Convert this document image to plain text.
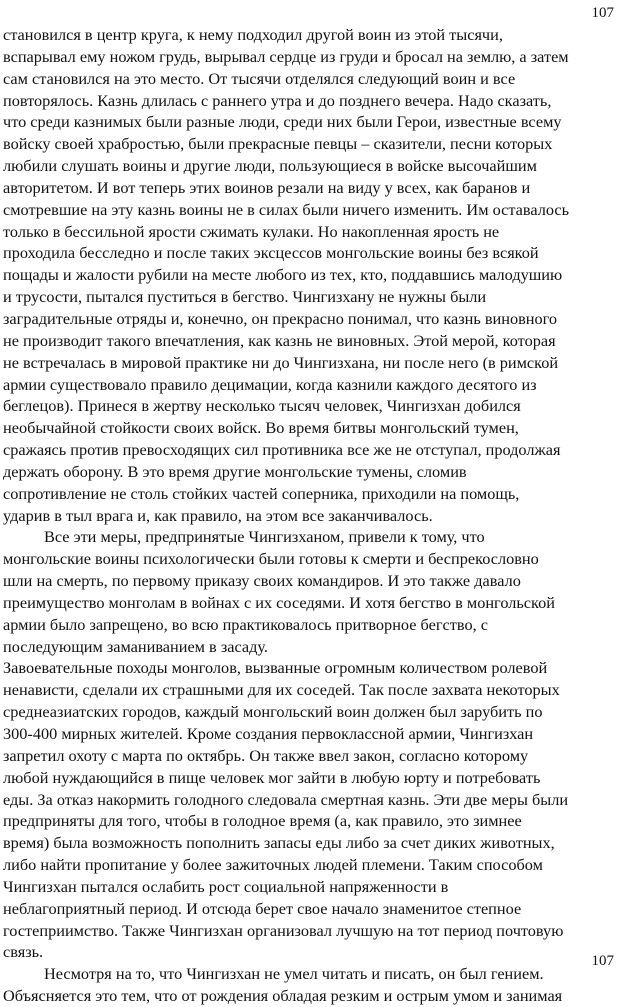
107
становился в центр круга, к нему подходил другой воин из этой тысячи,
вспарывал ему ножом грудь, вырывал сердце из груди и бросал на землю, а затем
сам становился на это место. От тысячи отделялся следующий воин и все
повторялось. Казнь длилась с раннего утра и до позднего вечера. Надо сказать,
что среди казнимых были разные люди, среди них были Герои, известные всему
войску своей храбростью, были прекрасные певцы – сказители, песни которых
любили слушать воины и другие люди, пользующиеся в войске высочайшим
авторитетом. И вот теперь этих воинов резали на виду у всех, как баранов и
смотревшие на эту казнь воины не в силах были ничего изменить. Им оставалось
только в бессильной ярости сжимать кулаки. Но накопленная ярость не
проходила бесследно и после таких эксцессов монгольские воины без всякой
пощады и жалости рубили на месте любого из тех, кто, поддавшись малодушию
и трусости, пытался пуститься в бегство. Чингизхану не нужны были
заградительные отряды и, конечно, он прекрасно понимал, что казнь виновного
не производит такого впечатления, как казнь не виновных. Этой мерой, которая
не встречалась в мировой практике ни до Чингизхана, ни после него (в римской
армии существовало правило децимации, когда казнили каждого десятого из
беглецов). Принеся в жертву несколько тысяч человек, Чингизхан добился
необычайной стойкости своих войск. Во время битвы монгольский тумен,
сражаясь против превосходящих сил противника все же не отступал, продолжая
держать оборону. В это время другие монгольские тумены, сломив
сопротивление не столь стойких частей соперника, приходили на помощь,
ударив в тыл врага и, как правило, на этом все заканчивалось.
Все эти меры, предпринятые Чингизханом, привели к тому, что
монгольские воины психологически были готовы к смерти и беспрекословно
шли на смерть, по первому приказу своих командиров. И это также давало
преимущество монголам в войнах с их соседями. И хотя бегство в монгольской
армии было запрещено, во всю практиковалось притворное бегство, с
последующим заманиванием в засаду.
Завоевательные походы монголов, вызванные огромным количеством ролевой
ненависти, сделали их страшными для их соседей. Так после захвата некоторых
среднеазиатских городов, каждый монгольский воин должен был зарубить по
300-400 мирных жителей. Кроме создания первоклассной армии, Чингизхан
запретил охоту с марта по октябрь. Он также ввел закон, согласно которому
любой нуждающийся в пище человек мог зайти в любую юрту и потребовать
еды. За отказ накормить голодного следовала смертная казнь. Эти две меры были
предприняты для того, чтобы в голодное время (а, как правило, это зимнее
время) была возможность пополнить запасы еды либо за счет диких животных,
либо найти пропитание у более зажиточных людей племени. Таким способом
Чингизхан пытался ослабить рост социальной напряженности в
неблагоприятный период. И отсюда берет свое начало знаменитое степное
гостеприимство. Также Чингизхан организовал лучшую на тот период почтовую
связь.
Несмотря на то, что Чингизхан не умел читать и писать, он был гением.
Объясняется это тем, что от рождения обладая резким и острым умом и занимая
107
